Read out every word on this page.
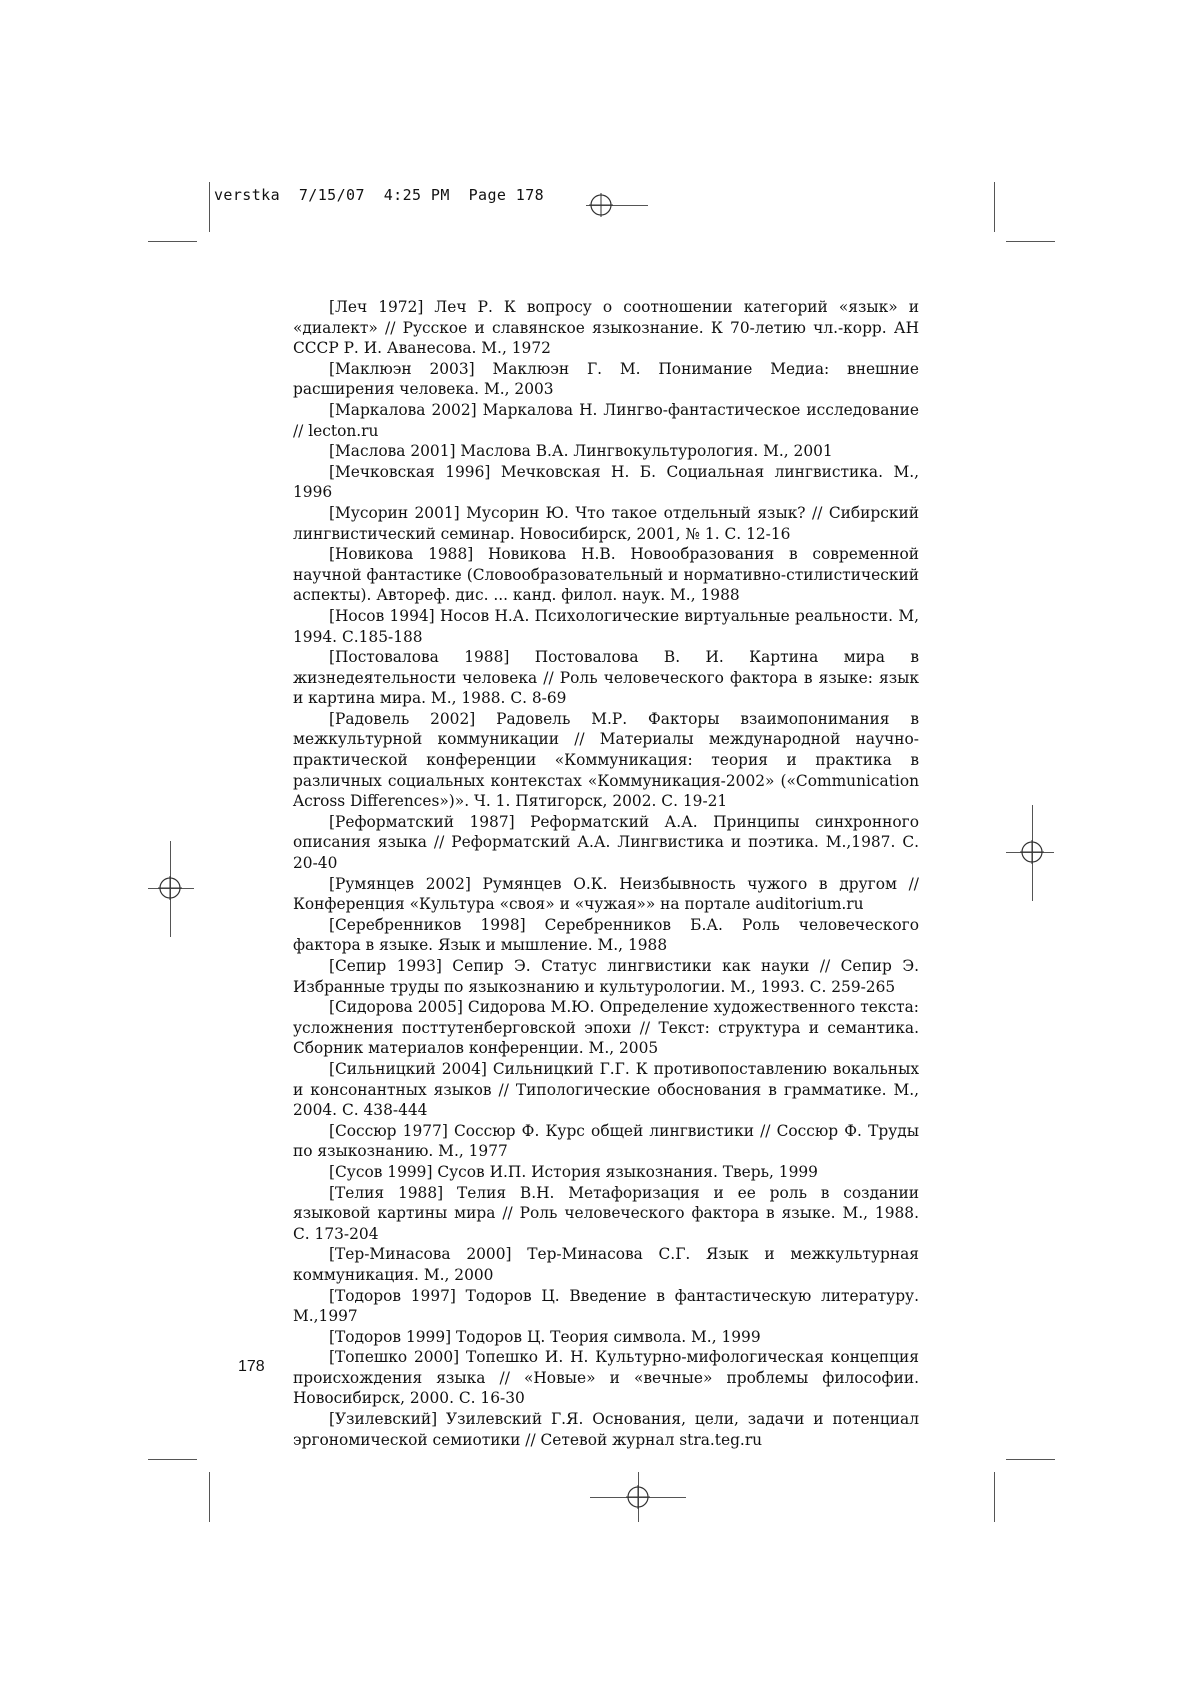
verstka  7/15/07  4:25 PM  Page 178

[Леч 1972] Леч Р. К вопросу о соотношении категорий «язык» и «диалект» // Русское и славянское языкознание. К 70-летию чл.-корр. АН СССР Р. И. Аванесова. М., 1972

[Маклюэн 2003] Маклюэн Г. М. Понимание Медиа: внешние расширения человека. М., 2003

[Маркалова 2002] Маркалова Н. Лингво-фантастическое исследование // lecton.ru

[Маслова 2001] Маслова В.А. Лингвокультурология. М., 2001

[Мечковская 1996] Мечковская Н. Б. Социальная лингвистика. М., 1996

[Мусорин 2001] Мусорин Ю. Что такое отдельный язык? // Сибирский лингвистический семинар. Новосибирск, 2001, № 1. С. 12-16

[Новикова 1988] Новикова Н.В. Новообразования в современной научной фантастике (Словообразовательный и нормативно-стилистический аспекты). Автореф. дис. ... канд. филол. наук. М., 1988

[Носов 1994] Носов Н.А. Психологические виртуальные реальности. М, 1994. С.185-188

[Постовалова 1988] Постовалова В. И. Картина мира в жизнедеятельности человека // Роль человеческого фактора в языке: язык и картина мира. М., 1988. С. 8-69

[Радовель 2002] Радовель М.Р. Факторы взаимопонимания в межкультурной коммуникации // Материалы международной научно-практической конференции «Коммуникация: теория и практика в различных социальных контекстах «Коммуникация-2002» («Communication Across Differences»)». Ч. 1. Пятигорск, 2002. С. 19-21

[Реформатский 1987] Реформатский А.А. Принципы синхронного описания языка // Реформатский А.А. Лингвистика и поэтика. М.,1987. С. 20-40

[Румянцев 2002] Румянцев О.К. Неизбывность чужого в другом // Конференция «Культура «своя» и «чужая»» на портале auditorium.ru

[Серебренников 1998] Серебренников Б.А. Роль человеческого фактора в языке. Язык и мышление. М., 1988

[Сепир 1993] Сепир Э. Статус лингвистики как науки // Сепир Э. Избранные труды по языкознанию и культурологии. М., 1993. С. 259-265

[Сидорова 2005] Сидорова М.Ю. Определение художественного текста: усложнения посттутенберговской эпохи // Текст: структура и семантика. Сборник материалов конференции. М., 2005

[Сильницкий 2004] Сильницкий Г.Г. К противопоставлению вокальных и консонантных языков // Типологические обоснования в грамматике. М., 2004. С. 438-444

[Соссюр 1977] Соссюр Ф. Курс общей лингвистики // Соссюр Ф. Труды по языкознанию. М., 1977

[Сусов 1999] Сусов И.П. История языкознания. Тверь, 1999

[Телия 1988] Телия В.Н. Метафоризация и ее роль в создании языковой картины мира // Роль человеческого фактора в языке. М., 1988. С. 173-204

[Тер-Минасова 2000] Тер-Минасова С.Г. Язык и межкультурная коммуникация. М., 2000

[Тодоров 1997] Тодоров Ц. Введение в фантастическую литературу. М.,1997

[Тодоров 1999] Тодоров Ц. Теория символа. М., 1999

[Топешко 2000] Топешко И. Н. Культурно-мифологическая концепция происхождения языка // «Новые» и «вечные» проблемы философии. Новосибирск, 2000. С. 16-30

[Узилевский] Узилевский Г.Я. Основания, цели, задачи и потенциал эргономической семиотики // Сетевой журнал stra.teg.ru

178
